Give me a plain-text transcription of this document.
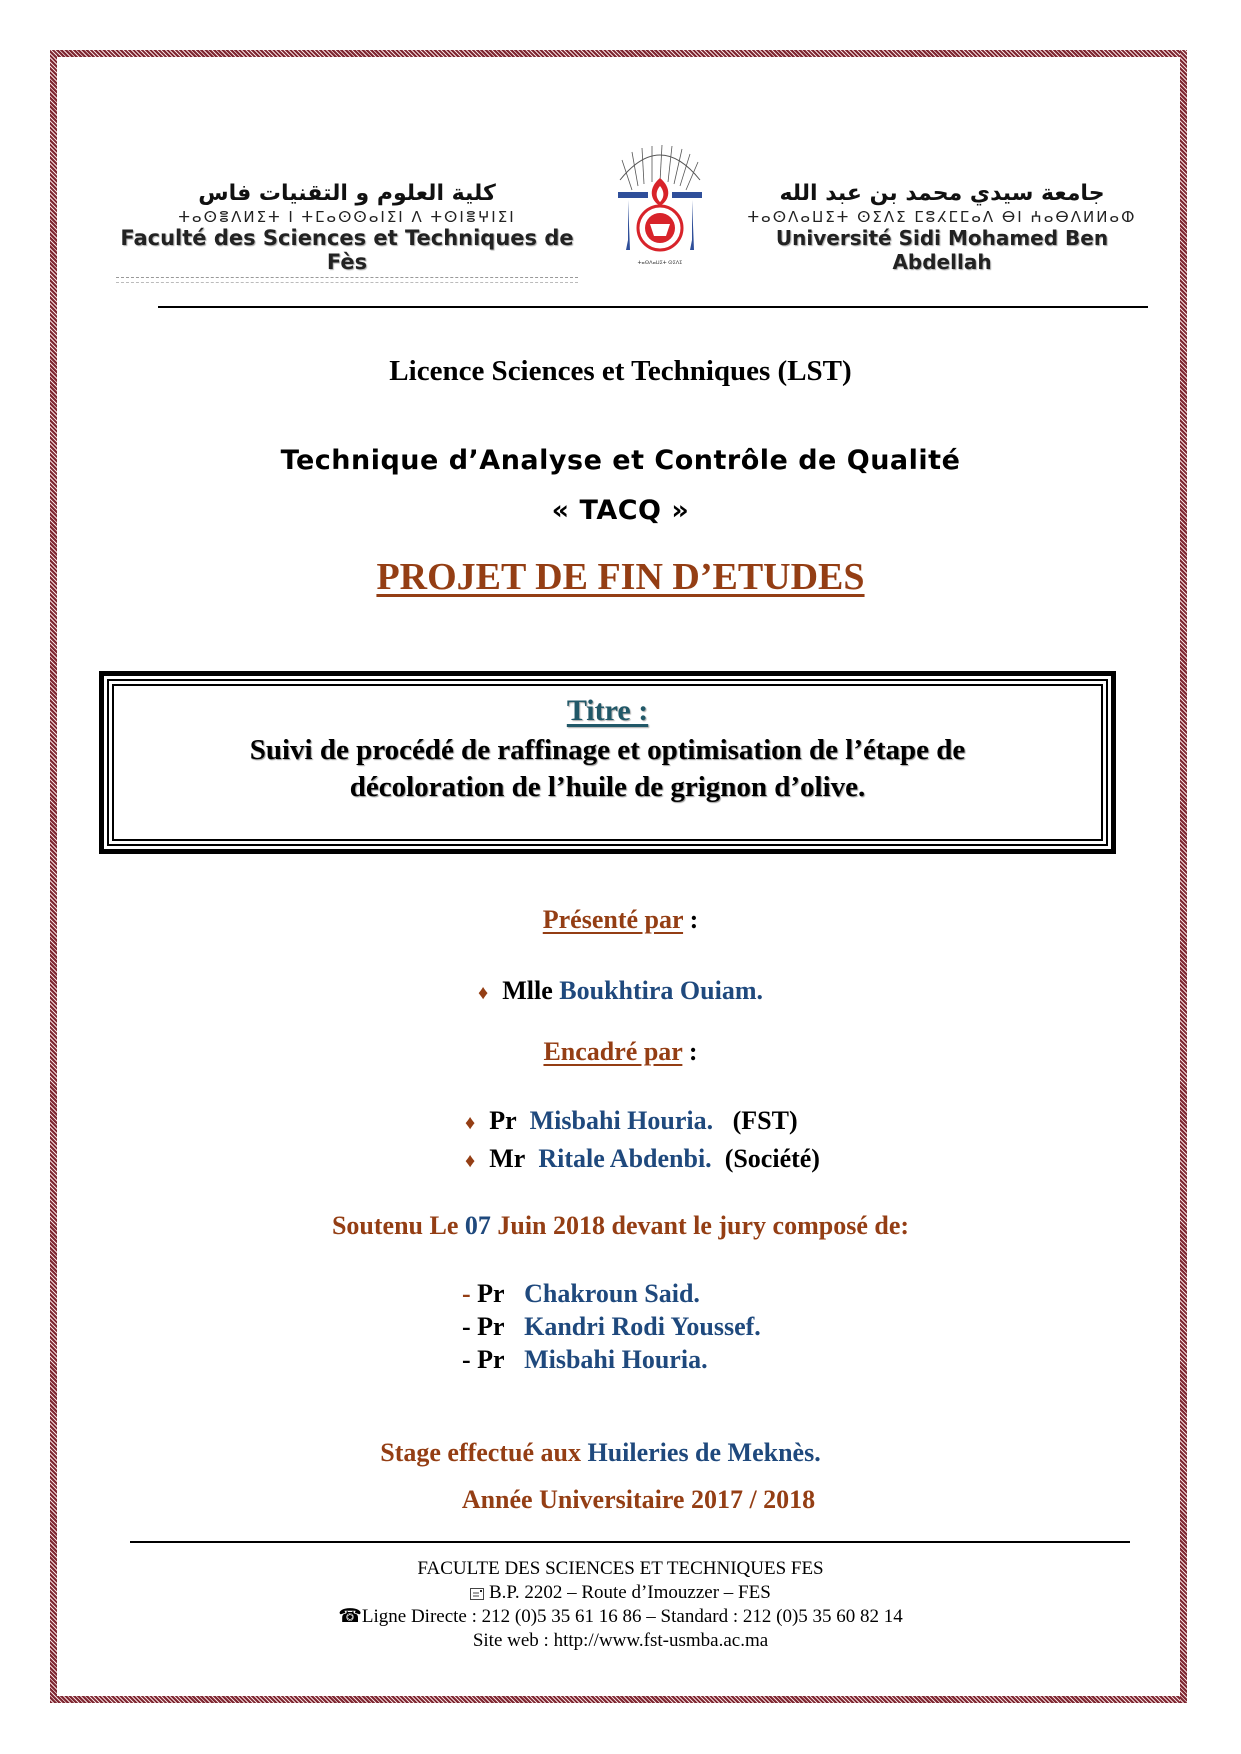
كلية العلوم و التقنيات فاس
ⵜⴰⵙⴻⴷⵍⵉⵜ ⵏ ⵜⵎⴰⵙⵙⴰⵏⵉⵏ ⴷ ⵜⵙⵏⴻⵖⵏⵉⵏ
Faculté des Sciences et Techniques de Fès	ⵜⴰⵙⴷⴰⵡⵉⵜ ⵙⵉⴷⵉ
جامعة سيدي محمد بن عبد الله
ⵜⴰⵙⴷⴰⵡⵉⵜ ⵙⵉⴷⵉ ⵎⵓⵃⵎⵎⴰⴷ ⴱⵏ ⵄⴰⴱⴷⵍⵍⴰⵀ
Université Sidi Mohamed Ben Abdellah
Licence Sciences et Techniques (LST)
Technique d’Analyse et Contrôle de Qualité
« TACQ »
PROJET DE FIN D’ETUDES
Titre :
Suivi de procédé de raffinage et optimisation de l’étape de
décoloration de l’huile de grignon d’olive.
Présenté par :
♦ Mlle Boukhtira Ouiam.
Encadré par :
♦ Pr Misbahi Houria. (FST)
♦ Mr Ritale Abdenbi. (Société)
Soutenu Le 07 Juin 2018 devant le jury composé de:
- Pr Chakroun Said.
- Pr Kandri Rodi Youssef.
- Pr Misbahi Houria.
Stage effectué aux Huileries de Meknès.
Année Universitaire 2017 / 2018
FACULTE DES SCIENCES ET TECHNIQUES FES
B.P. 2202 – Route d’Imouzzer – FES
☎Ligne Directe : 212 (0)5 35 61 16 86 – Standard : 212 (0)5 35 60 82 14
Site web : http://www.fst-usmba.ac.ma
